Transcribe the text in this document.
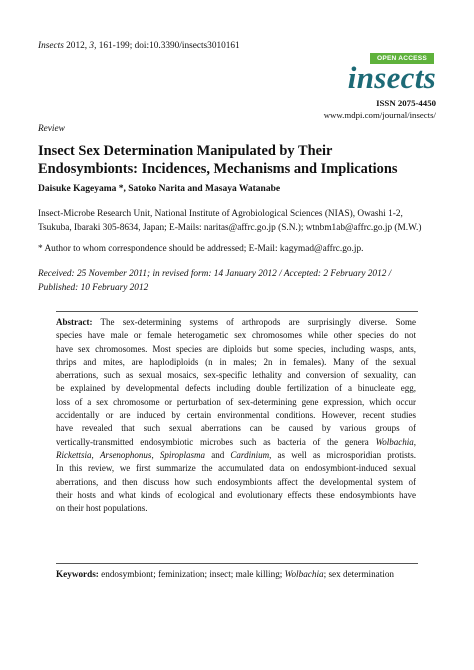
Insects 2012, 3, 161-199; doi:10.3390/insects3010161
OPEN ACCESS
insects
ISSN 2075-4450
www.mdpi.com/journal/insects/
Review
Insect Sex Determination Manipulated by Their
Endosymbionts: Incidences, Mechanisms and Implications
Daisuke Kageyama *, Satoko Narita and Masaya Watanabe
Insect-Microbe Research Unit, National Institute of Agrobiological Sciences (NIAS), Owashi 1-2,
Tsukuba, Ibaraki 305-8634, Japan; E-Mails: naritas@affrc.go.jp (S.N.); wtnbm1ab@affrc.go.jp (M.W.)
* Author to whom correspondence should be addressed; E-Mail: kagymad@affrc.go.jp.
Received: 25 November 2011; in revised form: 14 January 2012 / Accepted: 2 February 2012 /
Published: 10 February 2012
Abstract: The sex-determining systems of arthropods are surprisingly diverse. Some
species have male or female heterogametic sex chromosomes while other species do not
have sex chromosomes. Most species are diploids but some species, including wasps, ants,
thrips and mites, are haplodiploids (n in males; 2n in females). Many of the sexual
aberrations, such as sexual mosaics, sex-specific lethality and conversion of sexuality, can
be explained by developmental defects including double fertilization of a binucleate egg,
loss of a sex chromosome or perturbation of sex-determining gene expression, which occur
accidentally or are induced by certain environmental conditions. However, recent studies
have revealed that such sexual aberrations can be caused by various groups of
vertically-transmitted endosymbiotic microbes such as bacteria of the genera Wolbachia,
Rickettsia, Arsenophonus, Spiroplasma and Cardinium, as well as microsporidian protists.
In this review, we first summarize the accumulated data on endosymbiont-induced sexual
aberrations, and then discuss how such endosymbionts affect the developmental system of
their hosts and what kinds of ecological and evolutionary effects these endosymbionts have
on their host populations.
Keywords: endosymbiont; feminization; insect; male killing; Wolbachia; sex determination
